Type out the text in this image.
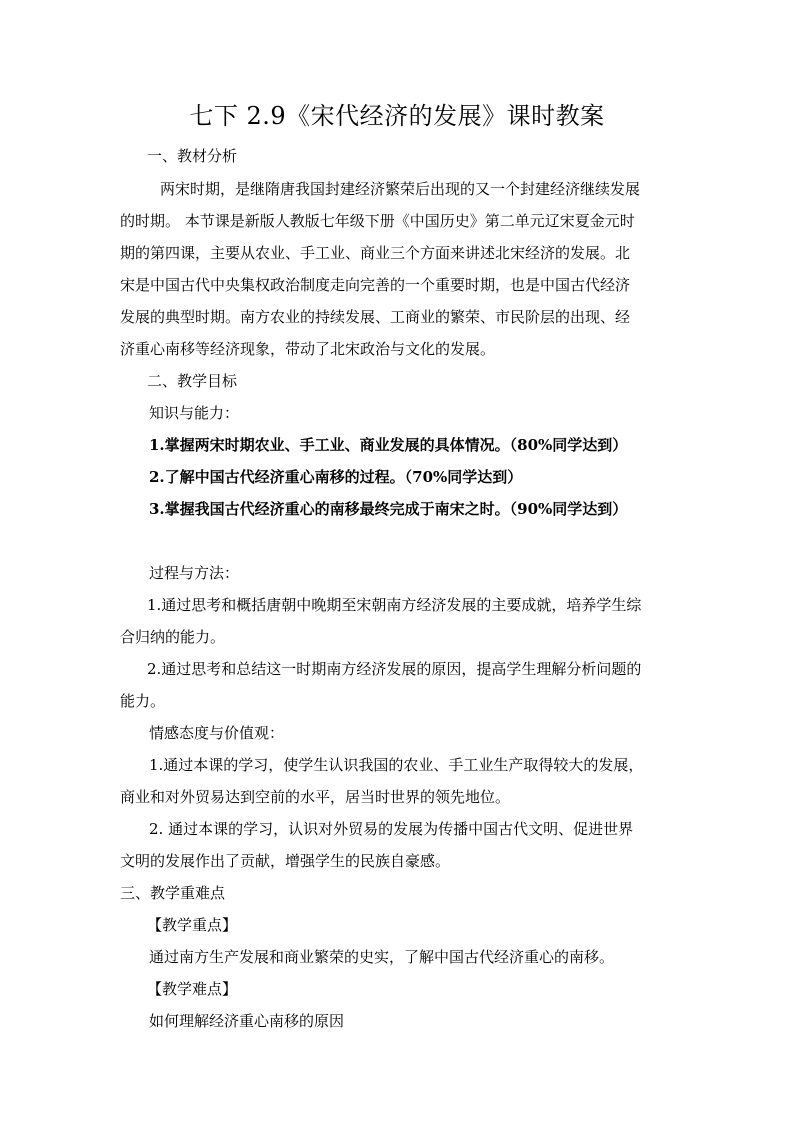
七下 2.9《宋代经济的发展》课时教案
一、教材分析
两宋时期，是继隋唐我国封建经济繁荣后出现的又一个封建经济继续发展
的时期。 本节课是新版人教版七年级下册《中国历史》第二单元辽宋夏金元时
期的第四课，主要从农业、手工业、商业三个方面来讲述北宋经济的发展。北
宋是中国古代中央集权政治制度走向完善的一个重要时期，也是中国古代经济
发展的典型时期。南方农业的持续发展、工商业的繁荣、市民阶层的出现、经
济重心南移等经济现象，带动了北宋政治与文化的发展。
二、教学目标
知识与能力：
1.掌握两宋时期农业、手工业、商业发展的具体情况。（80%同学达到）
2.了解中国古代经济重心南移的过程。（70%同学达到）
3.掌握我国古代经济重心的南移最终完成于南宋之时。（90%同学达到）
过程与方法：
1.通过思考和概括唐朝中晚期至宋朝南方经济发展的主要成就，培养学生综
合归纳的能力。
2.通过思考和总结这一时期南方经济发展的原因，提高学生理解分析问题的
能力。
情感态度与价值观：
1.通过本课的学习，使学生认识我国的农业、手工业生产取得较大的发展，
商业和对外贸易达到空前的水平，居当时世界的领先地位。
2. 通过本课的学习，认识对外贸易的发展为传播中国古代文明、促进世界
文明的发展作出了贡献，增强学生的民族自豪感。
三、教学重难点
【教学重点】
通过南方生产发展和商业繁荣的史实，了解中国古代经济重心的南移。
【教学难点】
如何理解经济重心南移的原因
